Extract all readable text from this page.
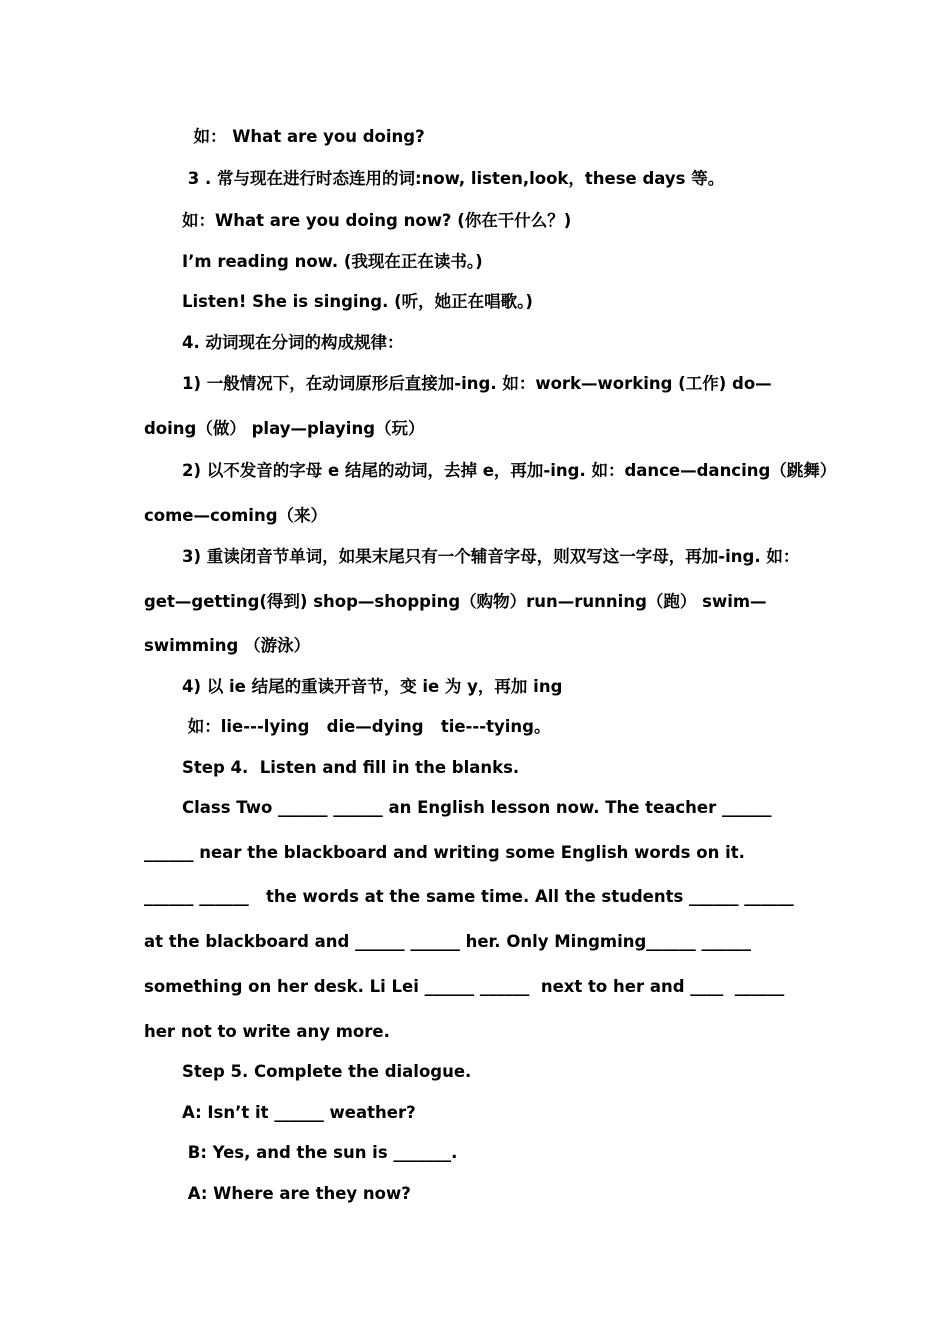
如： What are you doing?
3 . 常与现在进行时态连用的词:now, listen,look，these days 等。
如：What are you doing now? (你在干什么？)
I’m reading now. (我现在正在读书。)
Listen! She is singing. (听，她正在唱歌。)
4. 动词现在分词的构成规律：
1) 一般情况下，在动词原形后直接加-ing. 如：work—working (工作) do—
doing（做） play—playing（玩）
2) 以不发音的字母 e 结尾的动词，去掉 e，再加-ing. 如：dance—dancing（跳舞）
come—coming（来）
3) 重读闭音节单词，如果末尾只有一个辅音字母，则双写这一字母，再加-ing. 如：
get—getting(得到) shop—shopping（购物）run—running（跑） swim—
swimming （游泳）
4) 以 ie 结尾的重读开音节，变 ie 为 y，再加 ing
如：lie---lying   die—dying   tie---tying。
Step 4.  Listen and fill in the blanks.
Class Two ______ ______ an English lesson now. The teacher ______
______ near the blackboard and writing some English words on it.
______ ______   the words at the same time. All the students ______ ______
at the blackboard and ______ ______ her. Only Mingming______ ______
something on her desk. Li Lei ______ ______  next to her and ____  ______
her not to write any more.
Step 5. Complete the dialogue.
A: Isn’t it ______ weather?
B: Yes, and the sun is _______.
A: Where are they now?
